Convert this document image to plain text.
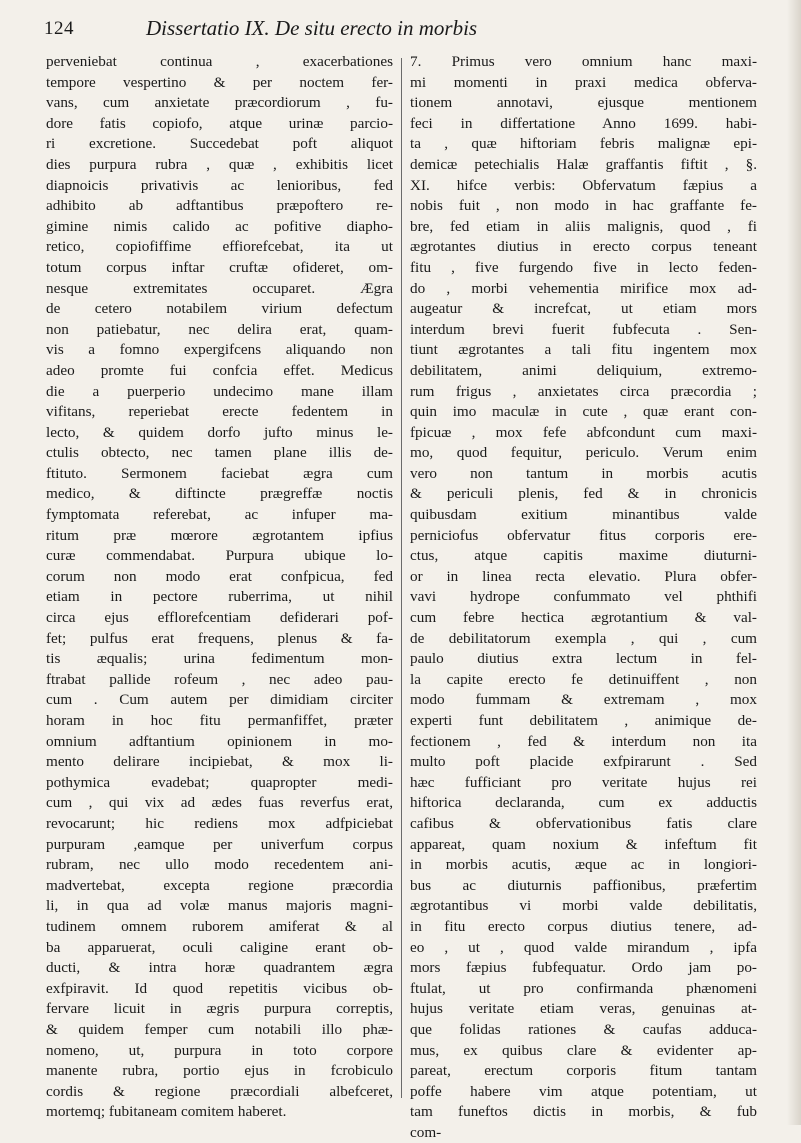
124	Dissertatio IX. De situ erecto in morbis
perveniebat continua , exacerbationes
tempore vespertino & per noctem fer-
vans, cum anxietate præcordiorum , fu-
dore fatis copiofo, atque urinæ parcio-
ri excretione. Succedebat poft aliquot
dies purpura rubra , quæ , exhibitis licet
diapnoicis privativis ac lenioribus, fed
adhibito ab adftantibus præpoftero re-
gimine nimis calido ac pofitive diapho-
retico, copiofiffime effiorefcebat, ita ut
totum corpus inftar cruftæ ofideret, om-
nesque extremitates occuparet. Ægra
de cetero notabilem virium defectum
non patiebatur, nec delira erat, quam-
vis a fomno expergifcens aliquando non
adeo promte fui confcia effet. Medicus
die a puerperio undecimo mane illam
vifitans, reperiebat erecte fedentem in
lecto, & quidem dorfo jufto minus le-
ctulis obtecto, nec tamen plane illis de-
ftituto. Sermonem faciebat ægra cum
medico, & diftincte prægreffæ noctis
fymptomata referebat, ac infuper ma-
ritum præ mœrore ægrotantem ipfius
curæ commendabat. Purpura ubique lo-
corum non modo erat confpicua, fed
etiam in pectore ruberrima, ut nihil
circa ejus efflorefcentiam defiderari pof-
fet; pulfus erat frequens, plenus & fa-
tis æqualis; urina fedimentum mon-
ftrabat pallide rofeum , nec adeo pau-
cum . Cum autem per dimidiam circiter
horam in hoc fitu permanfiffet, præter
omnium adftantium opinionem in mo-
mento delirare incipiebat, & mox li-
pothymica evadebat; quapropter medi-
cum , qui vix ad ædes fuas reverfus erat,
revocarunt; hic rediens mox adfpiciebat
purpuram ,eamque per univerfum corpus
rubram, nec ullo modo recedentem ani-
madvertebat, excepta regione præcordia
li, in qua ad volæ manus majoris magni-
tudinem omnem ruborem amiferat & al
ba apparuerat, oculi caligine erant ob-
ducti, & intra horæ quadrantem ægra
exfpiravit. Id quod repetitis vicibus ob-
fervare licuit in ægris purpura correptis,
& quidem femper cum notabili illo phæ-
nomeno, ut, purpura in toto corpore
manente rubra, portio ejus in fcrobiculo
cordis & regione præcordiali albefceret,
mortemq; fubitaneam comitem haberet.
7. Primus vero omnium hanc maxi-
mi momenti in praxi medica obferva-
tionem annotavi, ejusque mentionem
feci in differtatione Anno 1699. habi-
ta , quæ hiftoriam febris malignæ epi-
demicæ petechialis Halæ graffantis fiftit , §.
XI. hifce verbis: Obfervatum fæpius a
nobis fuit , non modo in hac graffante fe-
bre, fed etiam in aliis malignis, quod , fi
ægrotantes diutius in erecto corpus teneant
fitu , five furgendo five in lecto feden-
do , morbi vehementia mirifice mox ad-
augeatur & increfcat, ut etiam mors
interdum brevi fuerit fubfecuta . Sen-
tiunt ægrotantes a tali fitu ingentem mox
debilitatem, animi deliquium, extremo-
rum frigus , anxietates circa præcordia ;
quin imo maculæ in cute , quæ erant con-
fpicuæ , mox fefe abfcondunt cum maxi-
mo, quod fequitur, periculo. Verum enim
vero non tantum in morbis acutis
& periculi plenis, fed & in chronicis
quibusdam exitium minantibus valde
perniciofus obfervatur fitus corporis ere-
ctus, atque capitis maxime diuturni-
or in linea recta elevatio. Plura obfer-
vavi hydrope confummato vel phthifi
cum febre hectica ægrotantium & val-
de debilitatorum exempla , qui , cum
paulo diutius extra lectum in fel-
la capite erecto fe detinuiffent , non
modo fummam & extremam , mox
experti funt debilitatem , animique de-
fectionem , fed & interdum non ita
multo poft placide exfpirarunt . Sed
hæc fufficiant pro veritate hujus rei
hiftorica declaranda, cum ex adductis
cafibus & obfervationibus fatis clare
appareat, quam noxium & infeftum fit
in morbis acutis, æque ac in longiori-
bus ac diuturnis paffionibus, præfertim
ægrotantibus vi morbi valde debilitatis,
in fitu erecto corpus diutius tenere, ad-
eo , ut , quod valde mirandum , ipfa
mors fæpius fubfequatur. Ordo jam po-
ftulat, ut pro confirmanda phænomeni
hujus veritate etiam veras, genuinas at-
que folidas rationes & caufas adduca-
mus, ex quibus clare & evidenter ap-
pareat, erectum corporis fitum tantam
poffe habere vim atque potentiam, ut
tam funeftos dictis in morbis, & fub
com-
